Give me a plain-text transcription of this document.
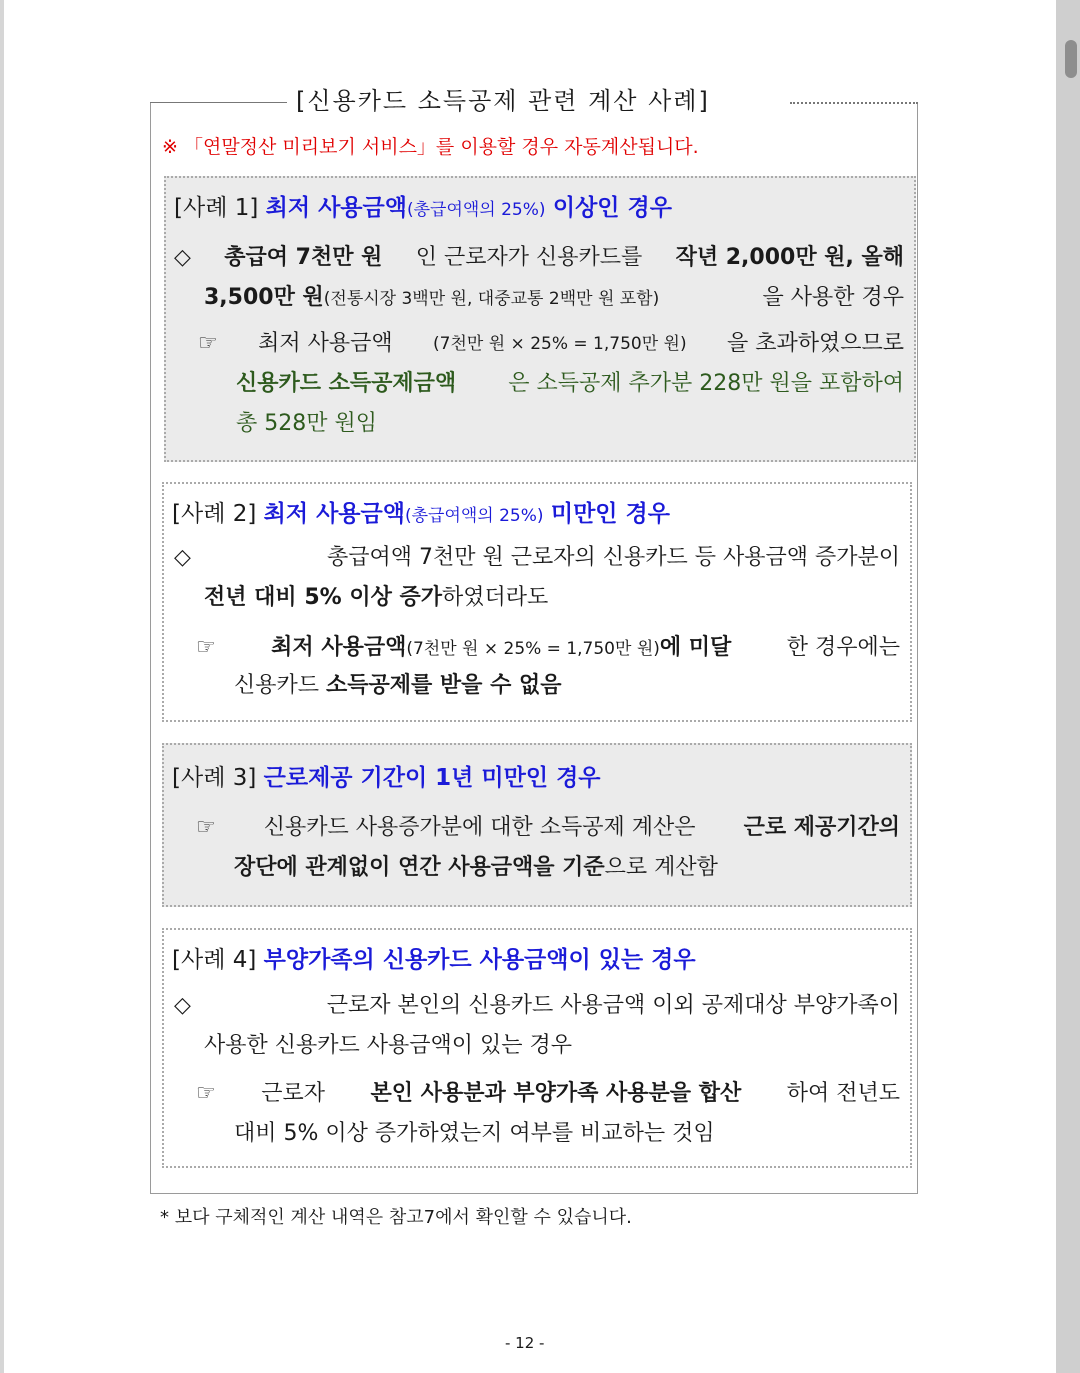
[신용카드 소득공제 관련 계산 사례]
※ 「연말정산 미리보기 서비스」를 이용할 경우 자동계산됩니다.
[사례 1] 최저 사용금액(총급여액의 25%) 이상인 경우
◇ 총급여 7천만 원 인 근로자가 신용카드를 작년 2,000만 원, 올해
3,500만 원(전통시장 3백만 원, 대중교통 2백만 원 포함)	을 사용한 경우
☞ 최저 사용금액 (7천만 원 × 25% = 1,750만 원) 을 초과하였으므로
신용카드 소득공제금액 은 소득공제 추가분 228만 원을 포함하여
총 528만 원임
[사례 2] 최저 사용금액(총급여액의 25%) 미만인 경우
◇	총급여액 7천만 원 근로자의 신용카드 등 사용금액 증가분이
전년 대비 5% 이상 증가하였더라도
☞	최저 사용금액(7천만 원 × 25% = 1,750만 원)에 미달	한 경우에는
신용카드 소득공제를 받을 수 없음
[사례 3] 근로제공 기간이 1년 미만인 경우
☞ 신용카드 사용증가분에 대한 소득공제 계산은 근로 제공기간의
장단에 관계없이 연간 사용금액을 기준으로 계산함
[사례 4] 부양가족의 신용카드 사용금액이 있는 경우
◇	근로자 본인의 신용카드 사용금액 이외 공제대상 부양가족이
사용한 신용카드 사용금액이 있는 경우
☞ 근로자 본인 사용분과 부양가족 사용분을 합산 하여 전년도
대비 5% 이상 증가하였는지 여부를 비교하는 것임
* 보다 구체적인 계산 내역은 참고7에서 확인할 수 있습니다.
- 12 -
